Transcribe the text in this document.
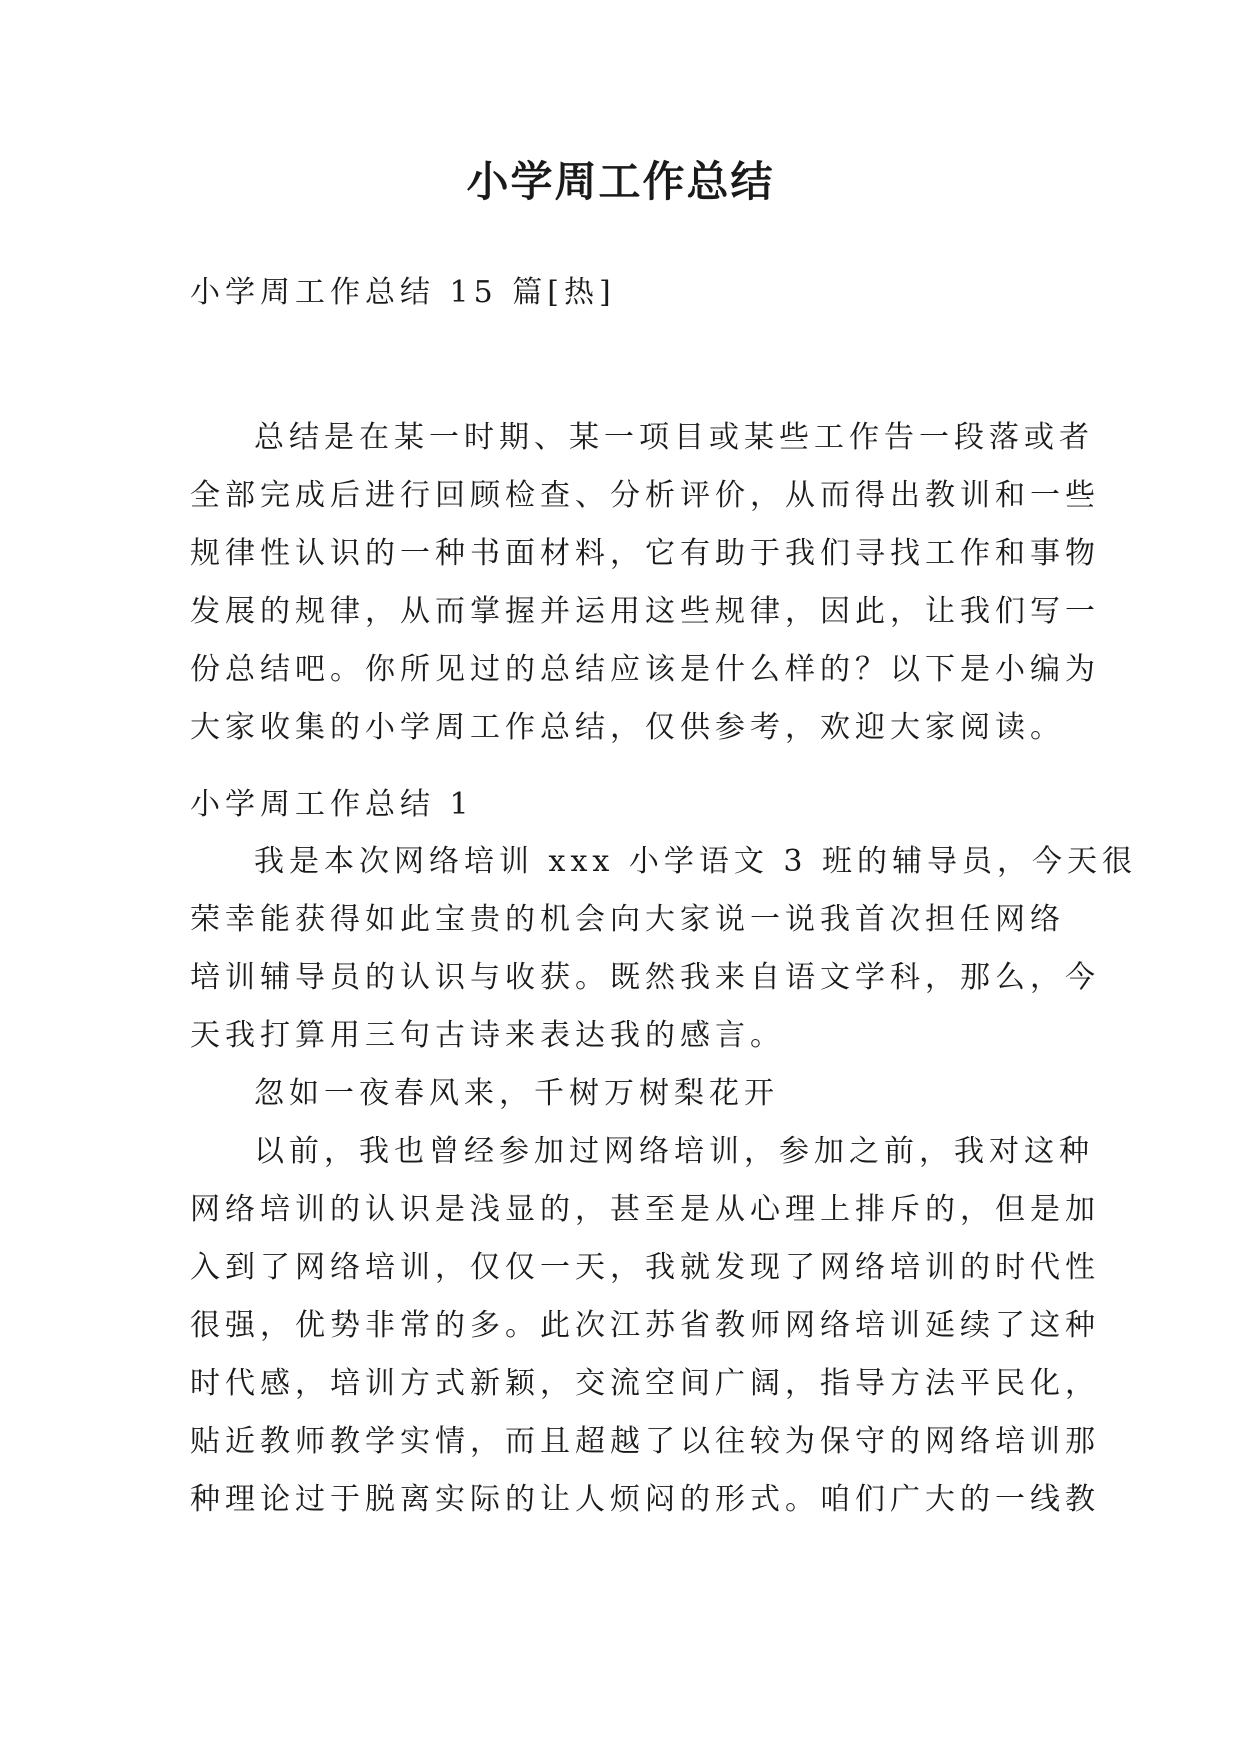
小学周工作总结

小学周工作总结 15 篇[热]

总结是在某一时期、某一项目或某些工作告一段落或者
全部完成后进行回顾检查、分析评价，从而得出教训和一些
规律性认识的一种书面材料，它有助于我们寻找工作和事物
发展的规律，从而掌握并运用这些规律，因此，让我们写一
份总结吧。你所见过的总结应该是什么样的？以下是小编为
大家收集的小学周工作总结，仅供参考，欢迎大家阅读。

小学周工作总结 1

我是本次网络培训 xxx 小学语文 3 班的辅导员，今天很
荣幸能获得如此宝贵的机会向大家说一说我首次担任网络
培训辅导员的认识与收获。既然我来自语文学科，那么，今
天我打算用三句古诗来表达我的感言。
忽如一夜春风来，千树万树梨花开
以前，我也曾经参加过网络培训，参加之前，我对这种
网络培训的认识是浅显的，甚至是从心理上排斥的，但是加
入到了网络培训，仅仅一天，我就发现了网络培训的时代性
很强，优势非常的多。此次江苏省教师网络培训延续了这种
时代感，培训方式新颖，交流空间广阔，指导方法平民化，
贴近教师教学实情，而且超越了以往较为保守的网络培训那
种理论过于脱离实际的让人烦闷的形式。咱们广大的一线教
